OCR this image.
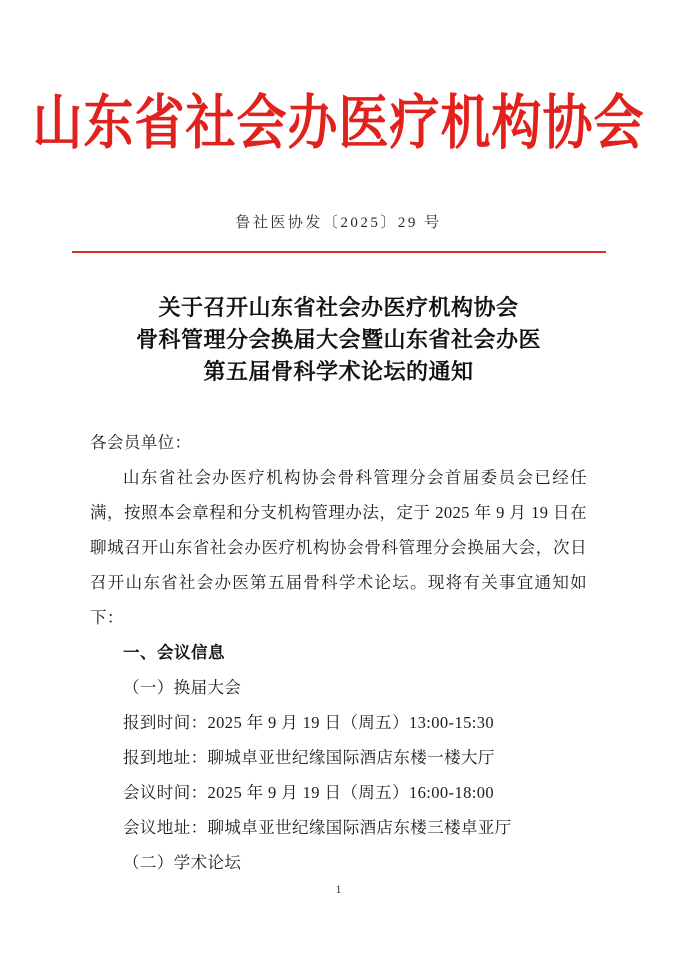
山东省社会办医疗机构协会
鲁社医协发〔2025〕29 号
关于召开山东省社会办医疗机构协会
骨科管理分会换届大会暨山东省社会办医
第五届骨科学术论坛的通知

各会员单位：

山东省社会办医疗机构协会骨科管理分会首届委员会已经任满，按照本会章程和分支机构管理办法，定于 2025 年 9 月 19 日在聊城召开山东省社会办医疗机构协会骨科管理分会换届大会，次日召开山东省社会办医第五届骨科学术论坛。现将有关事宜通知如下：

一、会议信息

（一）换届大会

报到时间：2025 年 9 月 19 日（周五）13:00-15:30

报到地址：聊城卓亚世纪缘国际酒店东楼一楼大厅

会议时间：2025 年 9 月 19 日（周五）16:00-18:00

会议地址：聊城卓亚世纪缘国际酒店东楼三楼卓亚厅

（二）学术论坛

1
